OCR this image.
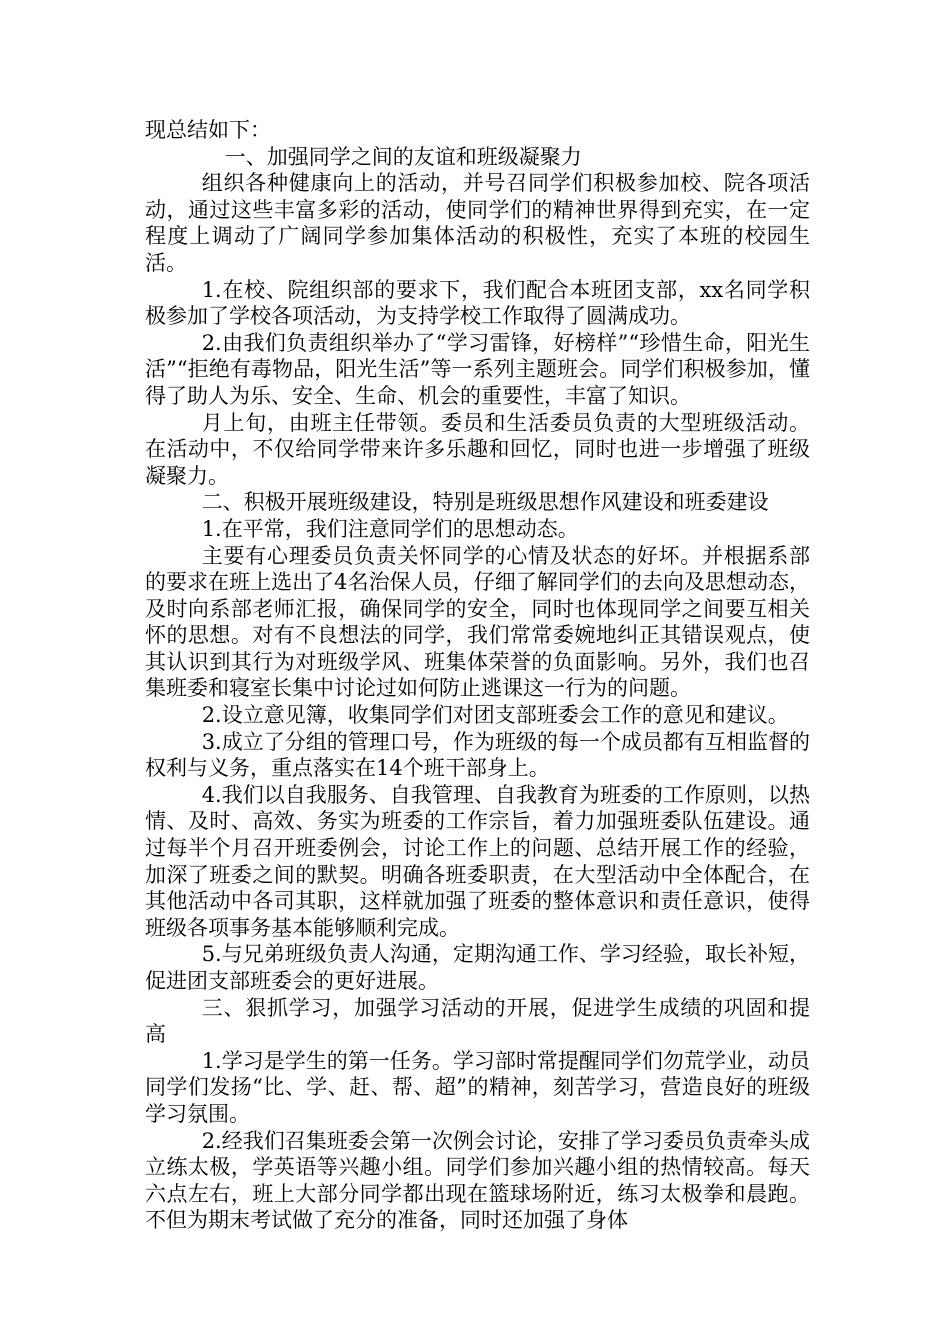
现总结如下：

一、加强同学之间的友谊和班级凝聚力

组织各种健康向上的活动，并号召同学们积极参加校、院各项活动，通过这些丰富多彩的活动，使同学们的精神世界得到充实，在一定程度上调动了广阔同学参加集体活动的积极性，充实了本班的校园生活。

1.在校、院组织部的要求下，我们配合本班团支部，xx名同学积极参加了学校各项活动，为支持学校工作取得了圆满成功。

2.由我们负责组织举办了“学习雷锋，好榜样”“珍惜生命，阳光生活”“拒绝有毒物品，阳光生活”等一系列主题班会。同学们积极参加，懂得了助人为乐、安全、生命、机会的重要性，丰富了知识。

月上旬，由班主任带领。委员和生活委员负责的大型班级活动。在活动中，不仅给同学带来许多乐趣和回忆，同时也进一步增强了班级凝聚力。

二、积极开展班级建设，特别是班级思想作风建设和班委建设

1.在平常，我们注意同学们的思想动态。

主要有心理委员负责关怀同学的心情及状态的好坏。并根据系部的要求在班上选出了4名治保人员，仔细了解同学们的去向及思想动态，及时向系部老师汇报，确保同学的安全，同时也体现同学之间要互相关怀的思想。对有不良想法的同学，我们常常委婉地纠正其错误观点，使其认识到其行为对班级学风、班集体荣誉的负面影响。另外，我们也召集班委和寝室长集中讨论过如何防止逃课这一行为的问题。

2.设立意见簿，收集同学们对团支部班委会工作的意见和建议。

3.成立了分组的管理口号，作为班级的每一个成员都有互相监督的权利与义务，重点落实在14个班干部身上。

4.我们以自我服务、自我管理、自我教育为班委的工作原则，以热情、及时、高效、务实为班委的工作宗旨，着力加强班委队伍建设。通过每半个月召开班委例会，讨论工作上的问题、总结开展工作的经验，加深了班委之间的默契。明确各班委职责，在大型活动中全体配合，在其他活动中各司其职，这样就加强了班委的整体意识和责任意识，使得班级各项事务基本能够顺利完成。

5.与兄弟班级负责人沟通，定期沟通工作、学习经验，取长补短，促进团支部班委会的更好进展。

三、狠抓学习，加强学习活动的开展，促进学生成绩的巩固和提高

1.学习是学生的第一任务。学习部时常提醒同学们勿荒学业，动员同学们发扬“比、学、赶、帮、超”的精神，刻苦学习，营造良好的班级学习氛围。

2.经我们召集班委会第一次例会讨论，安排了学习委员负责牵头成立练太极，学英语等兴趣小组。同学们参加兴趣小组的热情较高。每天六点左右，班上大部分同学都出现在篮球场附近，练习太极拳和晨跑。不但为期末考试做了充分的准备，同时还加强了身体
